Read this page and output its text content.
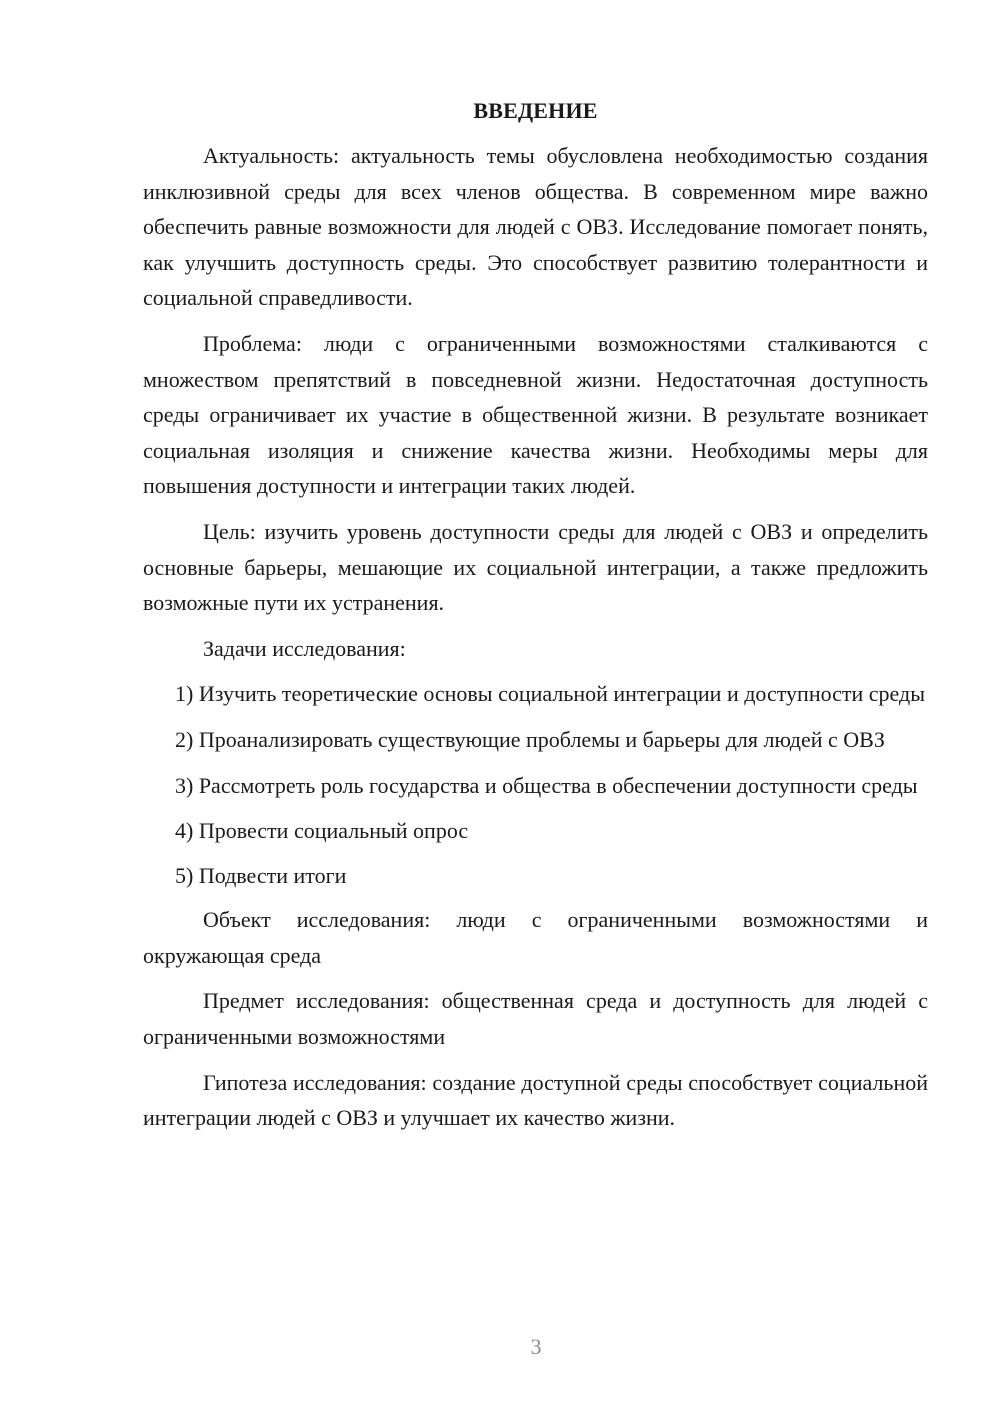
ВВЕДЕНИЕ

Актуальность: актуальность темы обусловлена необходимостью создания инклюзивной среды для всех членов общества. В современном мире важно обеспечить равные возможности для людей с ОВЗ. Исследование помогает понять, как улучшить доступность среды. Это способствует развитию толерантности и социальной справедливости.

Проблема: люди с ограниченными возможностями сталкиваются с множеством препятствий в повседневной жизни. Недостаточная доступность среды ограничивает их участие в общественной жизни. В результате возникает социальная изоляция и снижение качества жизни. Необходимы меры для повышения доступности и интеграции таких людей.

Цель: изучить уровень доступности среды для людей с ОВЗ и определить основные барьеры, мешающие их социальной интеграции, а также предложить возможные пути их устранения.

Задачи исследования:

1) Изучить теоретические основы социальной интеграции и доступности среды

2) Проанализировать существующие проблемы и барьеры для людей с ОВЗ

3) Рассмотреть роль государства и общества в обеспечении доступности среды

4) Провести социальный опрос

5) Подвести итоги

Объект исследования: люди с ограниченными возможностями и окружающая среда

Предмет исследования: общественная среда и доступность для людей с ограниченными возможностями

Гипотеза исследования: создание доступной среды способствует социальной интеграции людей с ОВЗ и улучшает их качество жизни.

3
